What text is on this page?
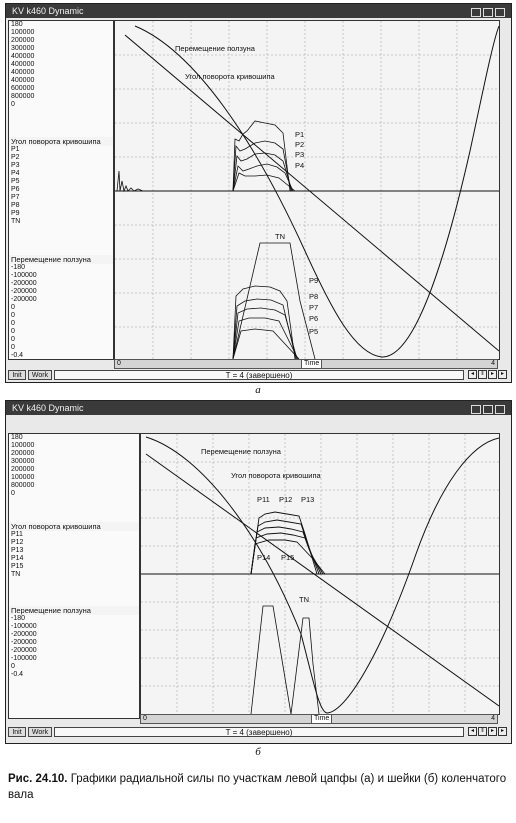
KV k460 Dynamic
180
100000
200000
300000
400000
400000
400000
400000
600000
800000
0
Угол поворота кривошипа
P1
P2
P3
P4
P5
P6
P7
P8
P9
TN
Перемещение ползуна
-180
-100000
-200000
-200000
-200000
0
0
0
0
0
0
-0.4
Перемещение ползуна
Угол поворота кривошипа
P1
P2
P3
P4
TN
P9
P8
P7
P6
P5
0	Time	4
Init	Work	T = 4 (завершено)	◂	‖	▸	▸
а
KV k460 Dynamic
180
100000
200000
300000
200000
100000
800000
0
Угол поворота кривошипа
P11
P12
P13
P14
P15
TN
Перемещение ползуна
-180
-100000
-200000
-200000
-200000
-100000
0
-0.4
Перемещение ползуна
Угол поворота кривошипа
P11 P12 P13
P14 P15
TN
0	Time	4
Init	Work	T = 4 (завершено)	◂	‖	▸	▸
б
Рис. 24.10. Графики радиальной силы по участкам левой цапфы (а) и шейки (б) коленчатого вала
